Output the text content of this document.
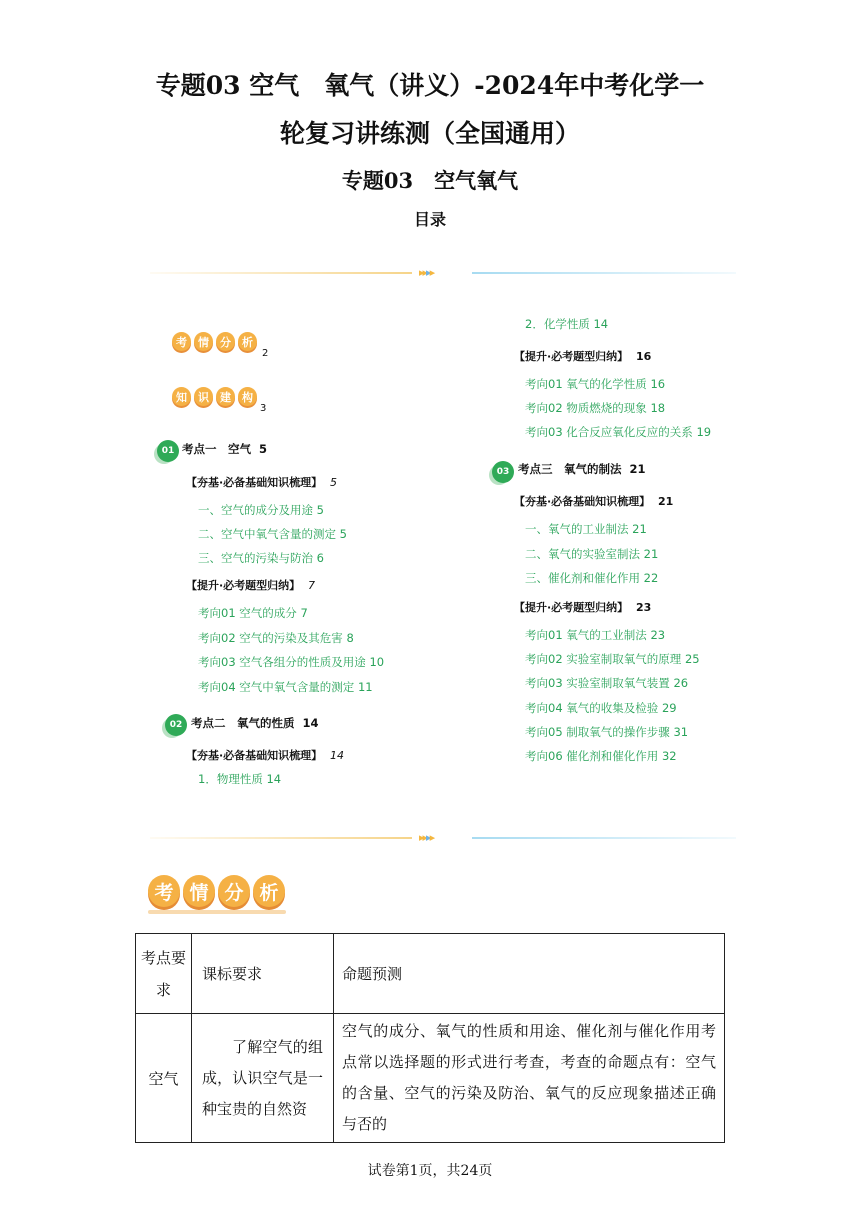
专题03 空气　氧气（讲义）-2024年中考化学一
轮复习讲练测（全国通用）
专题03　空气氧气
目录
▸▸▸▸
考	情	分	析
2
知	识	建	构
3
01 考点一　空气 5
【夯基·必备基础知识梳理】 5
一、空气的成分及用途 5
二、空气中氧气含量的测定 5
三、空气的污染与防治 6
【提升·必考题型归纳】 7
考向01 空气的成分 7
考向02 空气的污染及其危害 8
考向03 空气各组分的性质及用途 10
考向04 空气中氧气含量的测定 11
02 考点二　氧气的性质 14
【夯基·必备基础知识梳理】 14
1．物理性质 14
2．化学性质 14
【提升·必考题型归纳】 16
考向01 氧气的化学性质 16
考向02 物质燃烧的现象 18
考向03 化合反应氧化反应的关系 19
03 考点三　氧气的制法 21
【夯基·必备基础知识梳理】 21
一、氧气的工业制法 21
二、氧气的实验室制法 21
三、催化剂和催化作用 22
【提升·必考题型归纳】 23
考向01 氧气的工业制法 23
考向02 实验室制取氧气的原理 25
考向03 实验室制取氧气装置 26
考向04 氧气的收集及检验 29
考向05 制取氧气的操作步骤 31
考向06 催化剂和催化作用 32
▸▸▸▸
考 情 分 析
考点要求	课标要求	命题预测
空气	了解空气的组成，认识空气是一种宝贵的自然资	空气的成分、氧气的性质和用途、催化剂与催化作用考点常以选择题的形式进行考查，考查的命题点有：空气的含量、空气的污染及防治、氧气的反应现象描述正确与否的
试卷第1页，共24页
